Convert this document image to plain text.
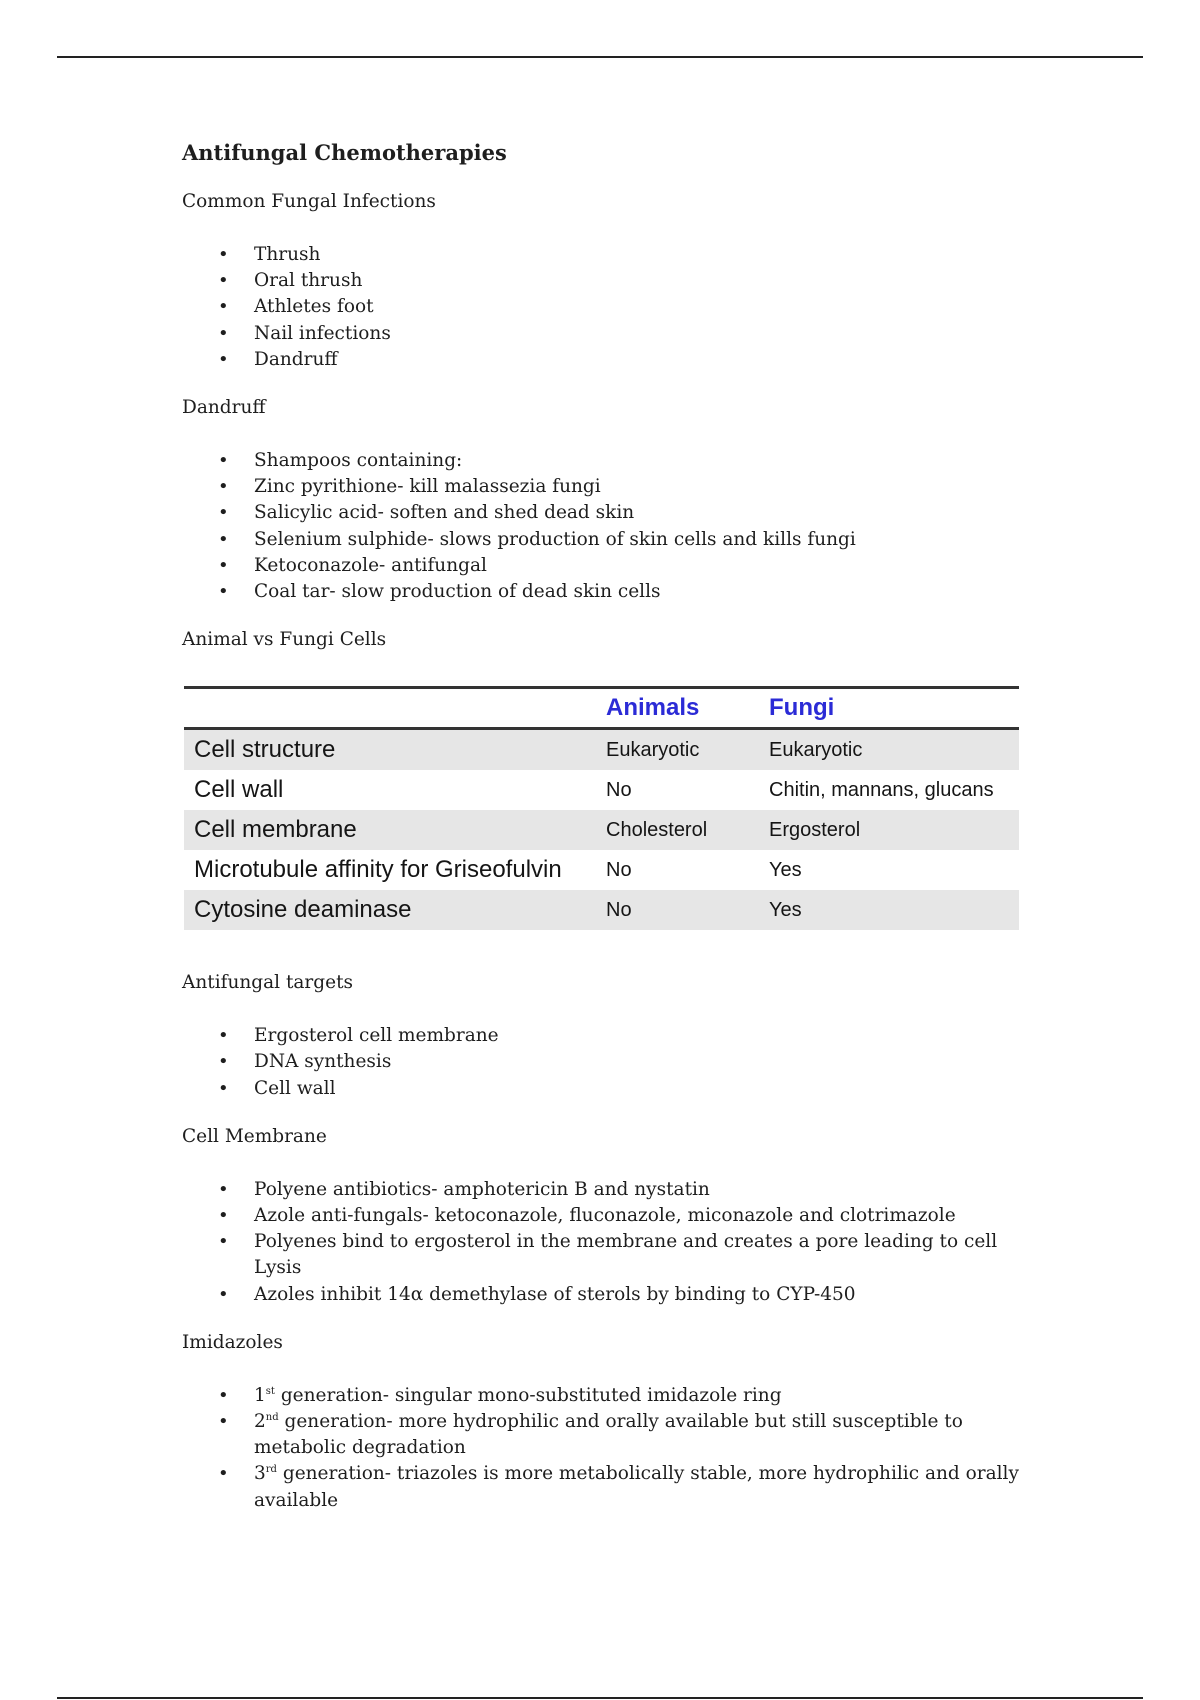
Antifungal Chemotherapies
Common Fungal Infections
• Thrush
• Oral thrush
• Athletes foot
• Nail infections
• Dandruff
Dandruff
• Shampoos containing:
• Zinc pyrithione- kill malassezia fungi
• Salicylic acid- soften and shed dead skin
• Selenium sulphide- slows production of skin cells and kills fungi
• Ketoconazole- antifungal
• Coal tar- slow production of dead skin cells
Animal vs Fungi Cells
	Animals	Fungi
Cell structure	Eukaryotic	Eukaryotic
Cell wall	No	Chitin, mannans, glucans
Cell membrane	Cholesterol	Ergosterol
Microtubule affinity for Griseofulvin	No	Yes
Cytosine deaminase	No	Yes
Antifungal targets
• Ergosterol cell membrane
• DNA synthesis
• Cell wall
Cell Membrane
• Polyene antibiotics- amphotericin B and nystatin
• Azole anti-fungals- ketoconazole, fluconazole, miconazole and clotrimazole
• Polyenes bind to ergosterol in the membrane and creates a pore leading to cell Lysis
• Azoles inhibit 14α demethylase of sterols by binding to CYP-450
Imidazoles
• 1st generation- singular mono-substituted imidazole ring
• 2nd generation- more hydrophilic and orally available but still susceptible to metabolic degradation
• 3rd generation- triazoles is more metabolically stable, more hydrophilic and orally available
